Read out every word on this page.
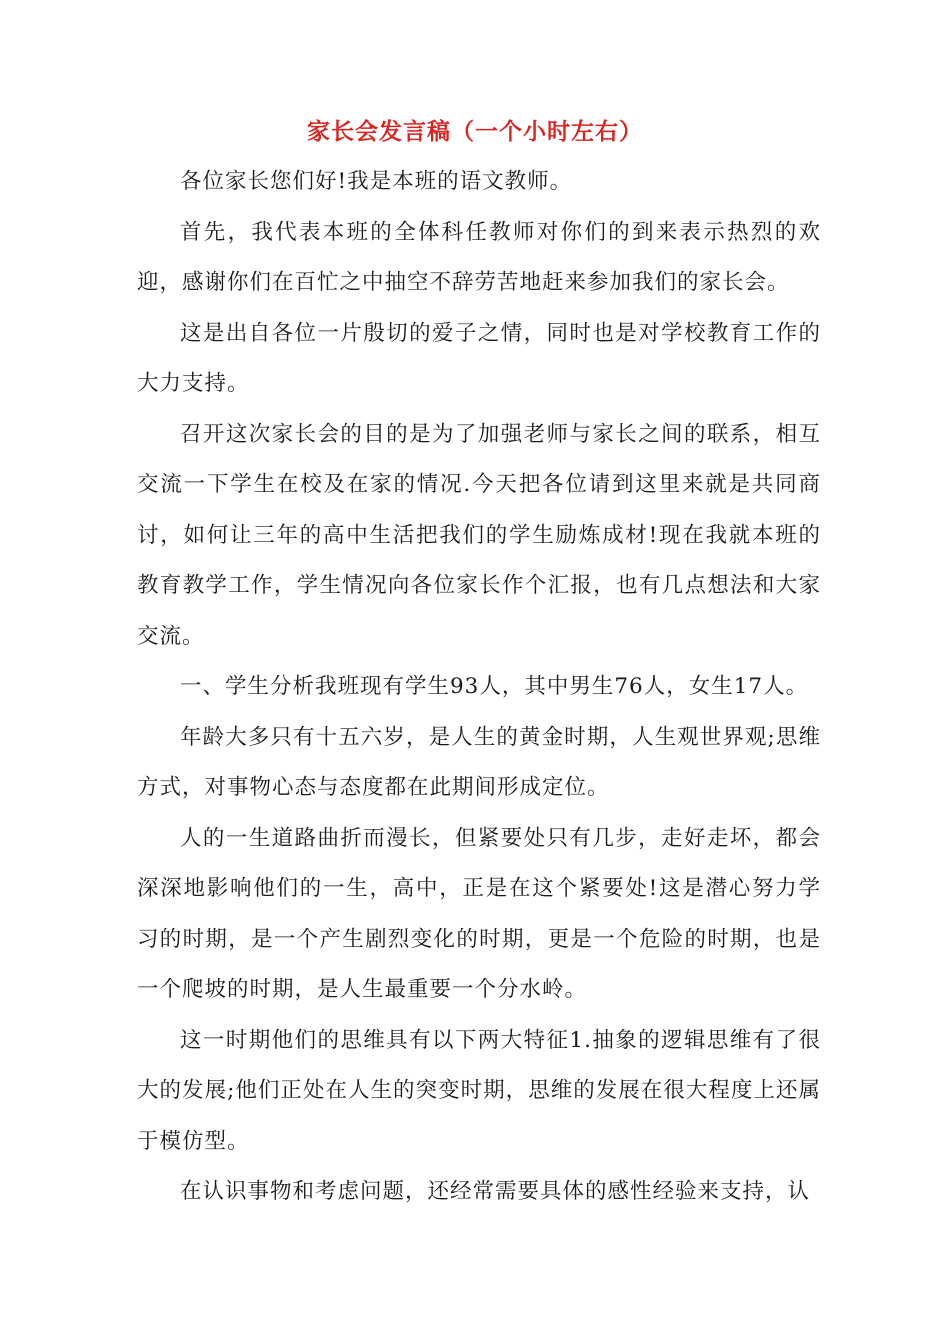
家长会发言稿（一个小时左右）

各位家长您们好!我是本班的语文教师。

首先，我代表本班的全体科任教师对你们的到来表示热烈的欢迎，感谢你们在百忙之中抽空不辞劳苦地赶来参加我们的家长会。

这是出自各位一片殷切的爱子之情，同时也是对学校教育工作的大力支持。

召开这次家长会的目的是为了加强老师与家长之间的联系，相互交流一下学生在校及在家的情况.今天把各位请到这里来就是共同商讨，如何让三年的高中生活把我们的学生励炼成材!现在我就本班的教育教学工作，学生情况向各位家长作个汇报，也有几点想法和大家交流。

一、学生分析我班现有学生93人，其中男生76人，女生17人。

年龄大多只有十五六岁，是人生的黄金时期，人生观世界观;思维方式，对事物心态与态度都在此期间形成定位。

人的一生道路曲折而漫长，但紧要处只有几步，走好走坏，都会深深地影响他们的一生，高中，正是在这个紧要处!这是潜心努力学习的时期，是一个产生剧烈变化的时期，更是一个危险的时期，也是一个爬坡的时期，是人生最重要一个分水岭。

这一时期他们的思维具有以下两大特征1.抽象的逻辑思维有了很大的发展;他们正处在人生的突变时期，思维的发展在很大程度上还属于模仿型。

在认识事物和考虑问题，还经常需要具体的感性经验来支持，认
